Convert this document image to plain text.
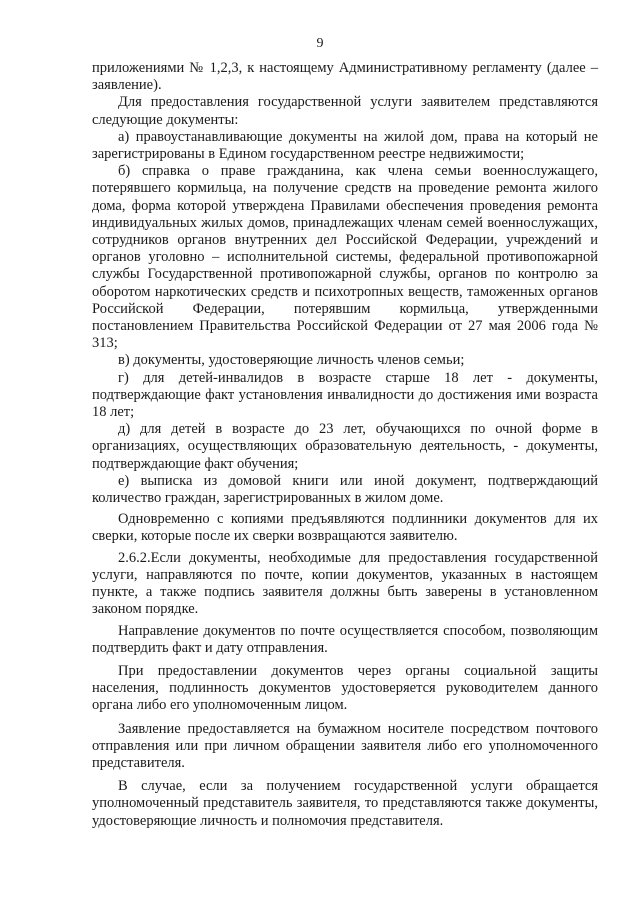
9

приложениями № 1,2,3, к настоящему Административному регламенту (далее – заявление).

Для предоставления государственной услуги заявителем представляются следующие документы:

а) правоустанавливающие документы на жилой дом, права на который не зарегистрированы в Едином государственном реестре недвижимости;

б) справка о праве гражданина, как члена семьи военнослужащего, потерявшего кормильца, на получение средств на проведение ремонта жилого дома, форма которой утверждена Правилами обеспечения проведения ремонта индивидуальных жилых домов, принадлежащих членам семей военнослужащих, сотрудников органов внутренних дел Российской Федерации, учреждений и органов уголовно – исполнительной системы, федеральной противопожарной службы Государственной противопожарной службы, органов по контролю за оборотом наркотических средств и психотропных веществ, таможенных органов Российской Федерации, потерявшим кормильца, утвержденными постановлением Правительства Российской Федерации от 27 мая 2006 года № 313;

в) документы, удостоверяющие личность членов семьи;

г) для детей-инвалидов в возрасте старше 18 лет - документы, подтверждающие факт установления инвалидности до достижения ими возраста 18 лет;

д) для детей в возрасте до 23 лет, обучающихся по очной форме в организациях, осуществляющих образовательную деятельность, - документы, подтверждающие факт обучения;

е) выписка из домовой книги или иной документ, подтверждающий количество граждан, зарегистрированных в жилом доме.

Одновременно с копиями предъявляются подлинники документов для их сверки, которые после их сверки возвращаются заявителю.

2.6.2.Если документы, необходимые для предоставления государственной услуги, направляются по почте, копии документов, указанных в настоящем пункте, а также подпись заявителя должны быть заверены в установленном законом порядке.

Направление документов по почте осуществляется способом, позволяющим подтвердить факт и дату отправления.

При предоставлении документов через органы социальной защиты населения, подлинность документов удостоверяется руководителем данного органа либо его уполномоченным лицом.

Заявление предоставляется на бумажном носителе посредством почтового отправления или при личном обращении заявителя либо его уполномоченного представителя.

В случае, если за получением государственной услуги обращается уполномоченный представитель заявителя, то представляются также документы, удостоверяющие личность и полномочия представителя.
